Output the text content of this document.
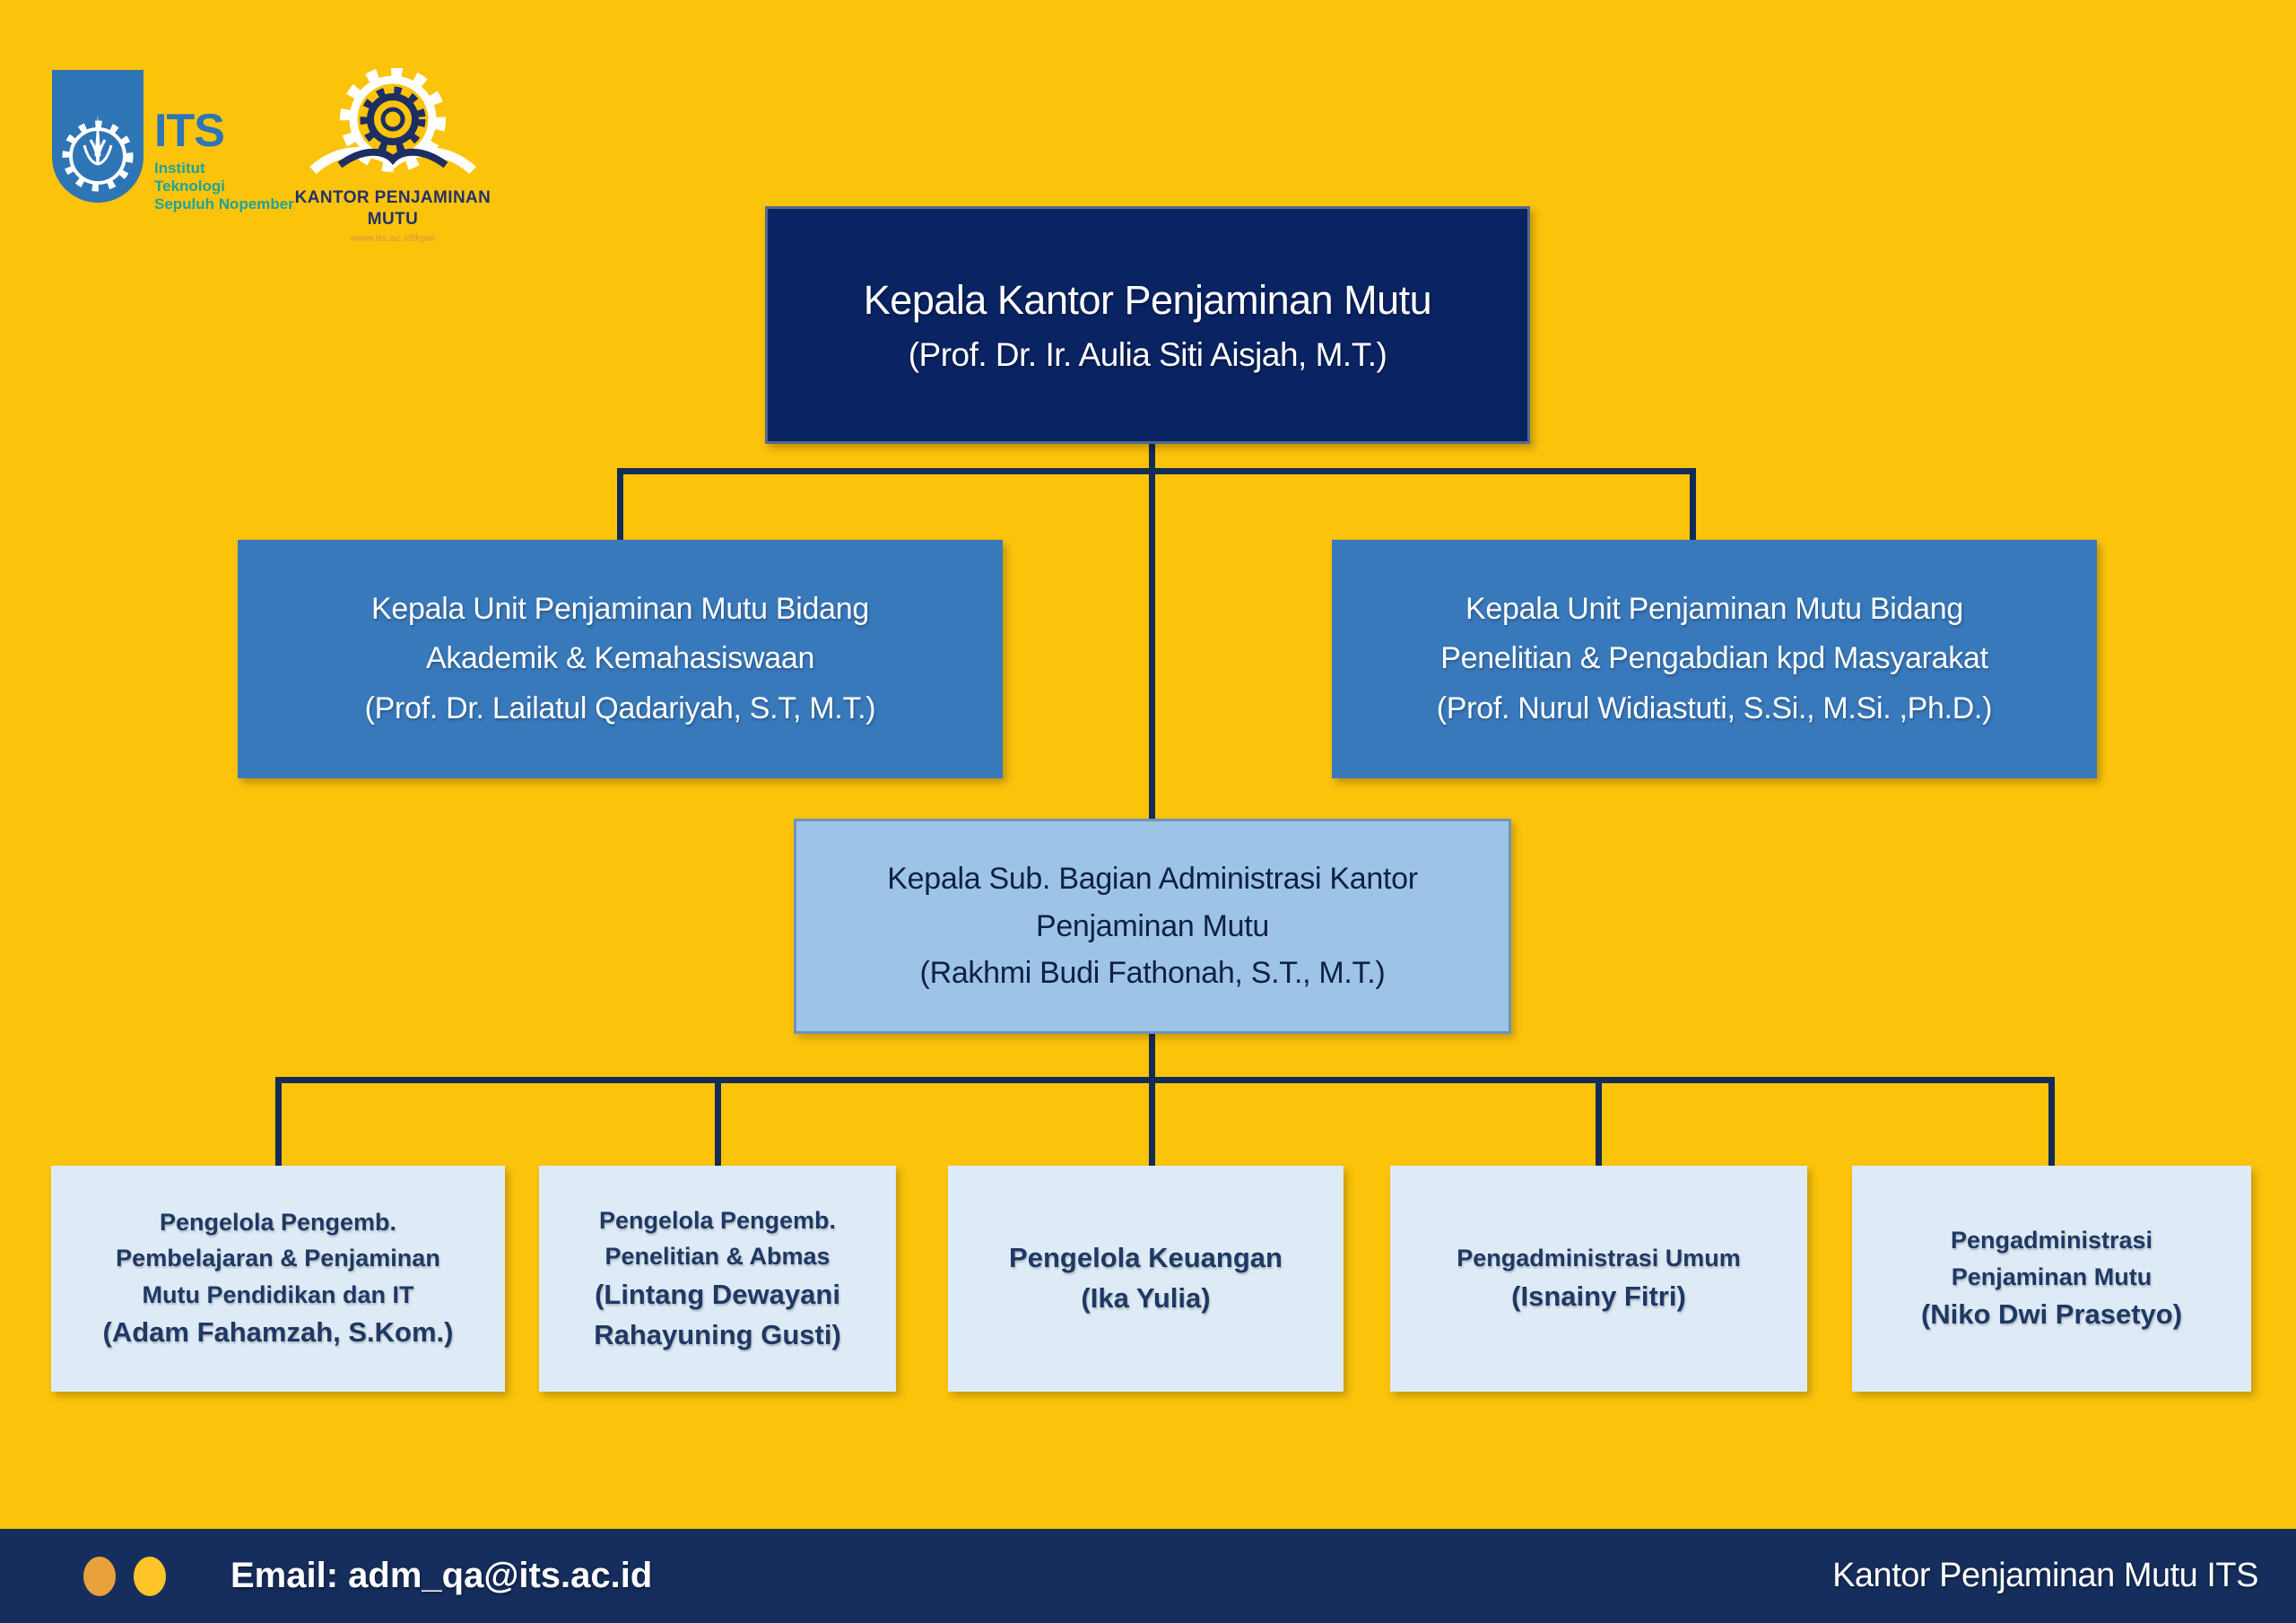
ITS
Institut
Teknologi
Sepuluh Nopember KANTOR PENJAMINAN
MUTU
www.its.ac.id/kpm
Kepala Kantor Penjaminan Mutu
(Prof. Dr. Ir. Aulia Siti Aisjah, M.T.)
Kepala Unit Penjaminan Mutu Bidang
Akademik & Kemahasiswaan
(Prof. Dr. Lailatul Qadariyah, S.T, M.T.)
Kepala Unit Penjaminan Mutu Bidang
Penelitian & Pengabdian kpd Masyarakat
(Prof. Nurul Widiastuti, S.Si., M.Si. ,Ph.D.)
Kepala Sub. Bagian Administrasi Kantor
Penjaminan Mutu
(Rakhmi Budi Fathonah, S.T., M.T.)
Pengelola Pengemb.
Pembelajaran & Penjaminan
Mutu Pendidikan dan IT
(Adam Fahamzah, S.Kom.)
Pengelola Pengemb.
Penelitian & Abmas
(Lintang Dewayani
Rahayuning Gusti)
Pengelola Keuangan
(Ika Yulia)
Pengadministrasi Umum
(Isnainy Fitri)
Pengadministrasi
Penjaminan Mutu
(Niko Dwi Prasetyo)
Email: adm_qa@its.ac.id	Kantor Penjaminan Mutu ITS
